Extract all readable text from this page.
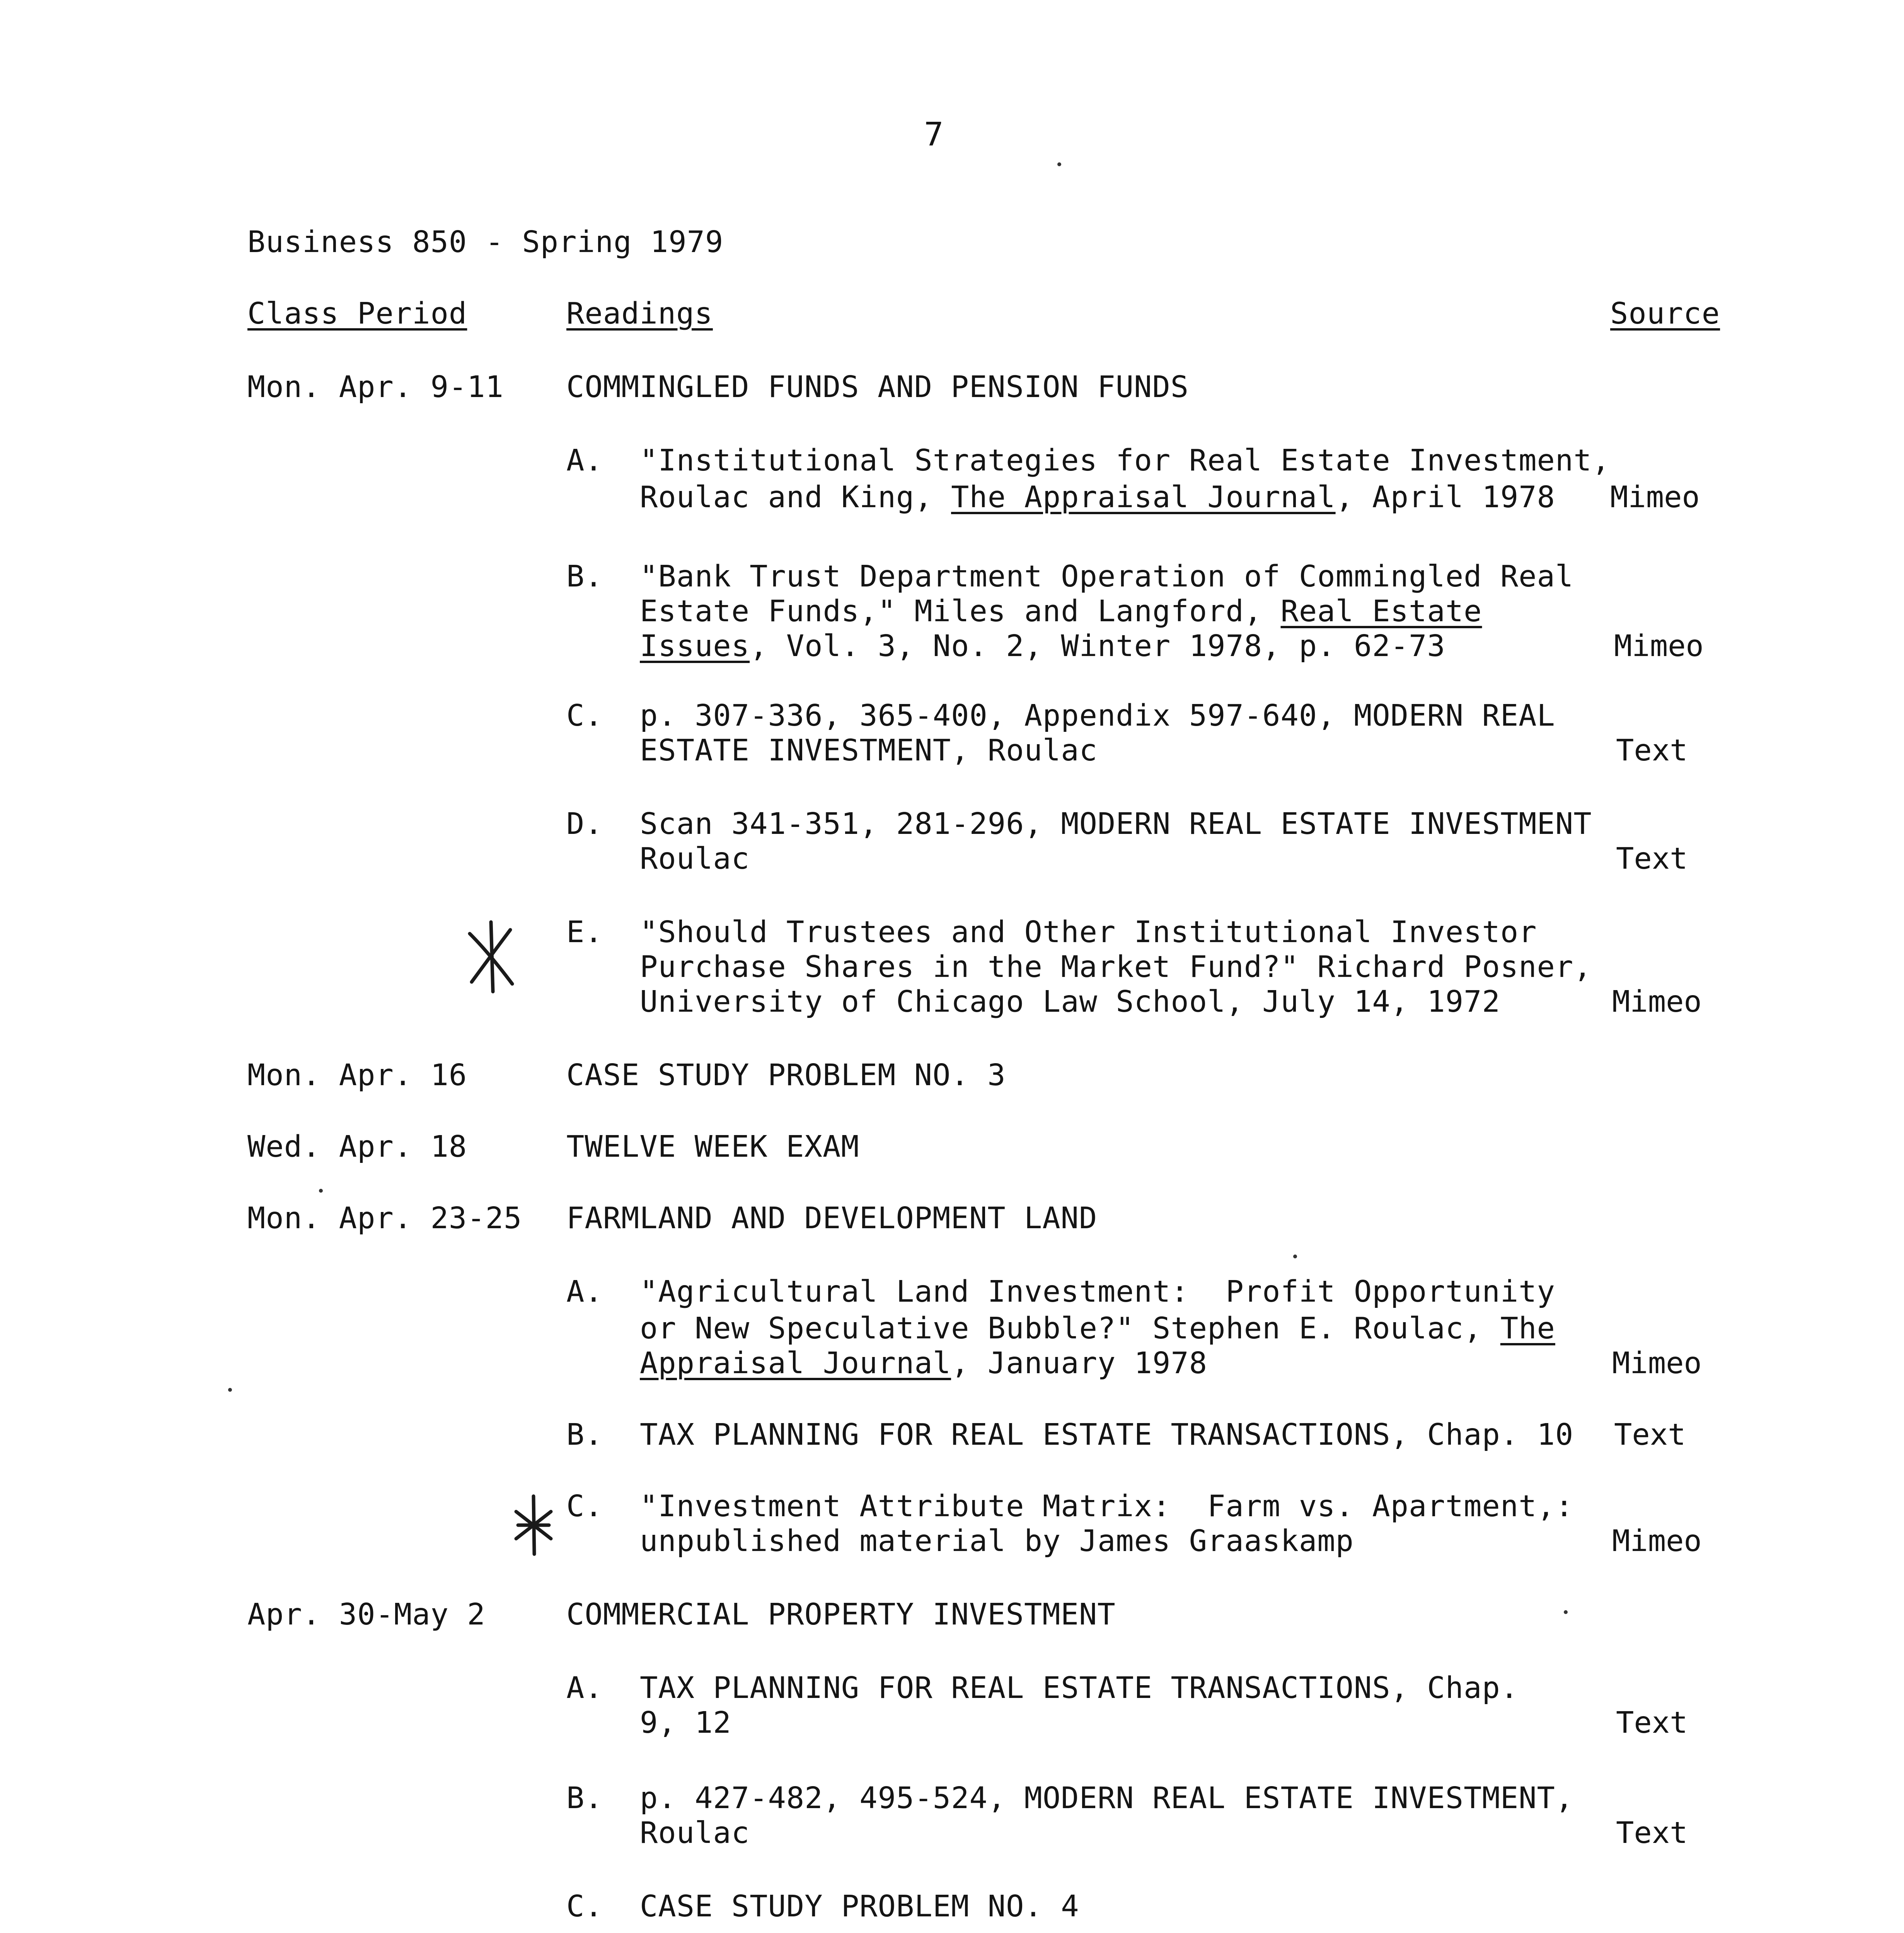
7
Business 850 - Spring 1979
Class Period	Readings	Source
Mon. Apr. 9-11 COMMINGLED FUNDS AND PENSION FUNDS
A. "Institutional Strategies for Real Estate Investment,
Roulac and King, The Appraisal Journal, April 1978 Mimeo
B. "Bank Trust Department Operation of Commingled Real
Estate Funds," Miles and Langford, Real Estate
Issues, Vol. 3, No. 2, Winter 1978, p. 62-73	Mimeo
C. p. 307-336, 365-400, Appendix 597-640, MODERN REAL
ESTATE INVESTMENT, Roulac	Text
D. Scan 341-351, 281-296, MODERN REAL ESTATE INVESTMENT
Roulac	Text
E. "Should Trustees and Other Institutional Investor
Purchase Shares in the Market Fund?" Richard Posner,
University of Chicago Law School, July 14, 1972	Mimeo
Mon. Apr. 16	CASE STUDY PROBLEM NO. 3
Wed. Apr. 18	TWELVE WEEK EXAM
Mon. Apr. 23-25 FARMLAND AND DEVELOPMENT LAND
A. "Agricultural Land Investment:  Profit Opportunity
or New Speculative Bubble?" Stephen E. Roulac, The
Appraisal Journal, January 1978	Mimeo
B. TAX PLANNING FOR REAL ESTATE TRANSACTIONS, Chap. 10 Text
C. "Investment Attribute Matrix:  Farm vs. Apartment,:
unpublished material by James Graaskamp	Mimeo
Apr. 30-May 2	COMMERCIAL PROPERTY INVESTMENT
A. TAX PLANNING FOR REAL ESTATE TRANSACTIONS, Chap.
9, 12	Text
B. p. 427-482, 495-524, MODERN REAL ESTATE INVESTMENT,
Roulac	Text
C. CASE STUDY PROBLEM NO. 4
